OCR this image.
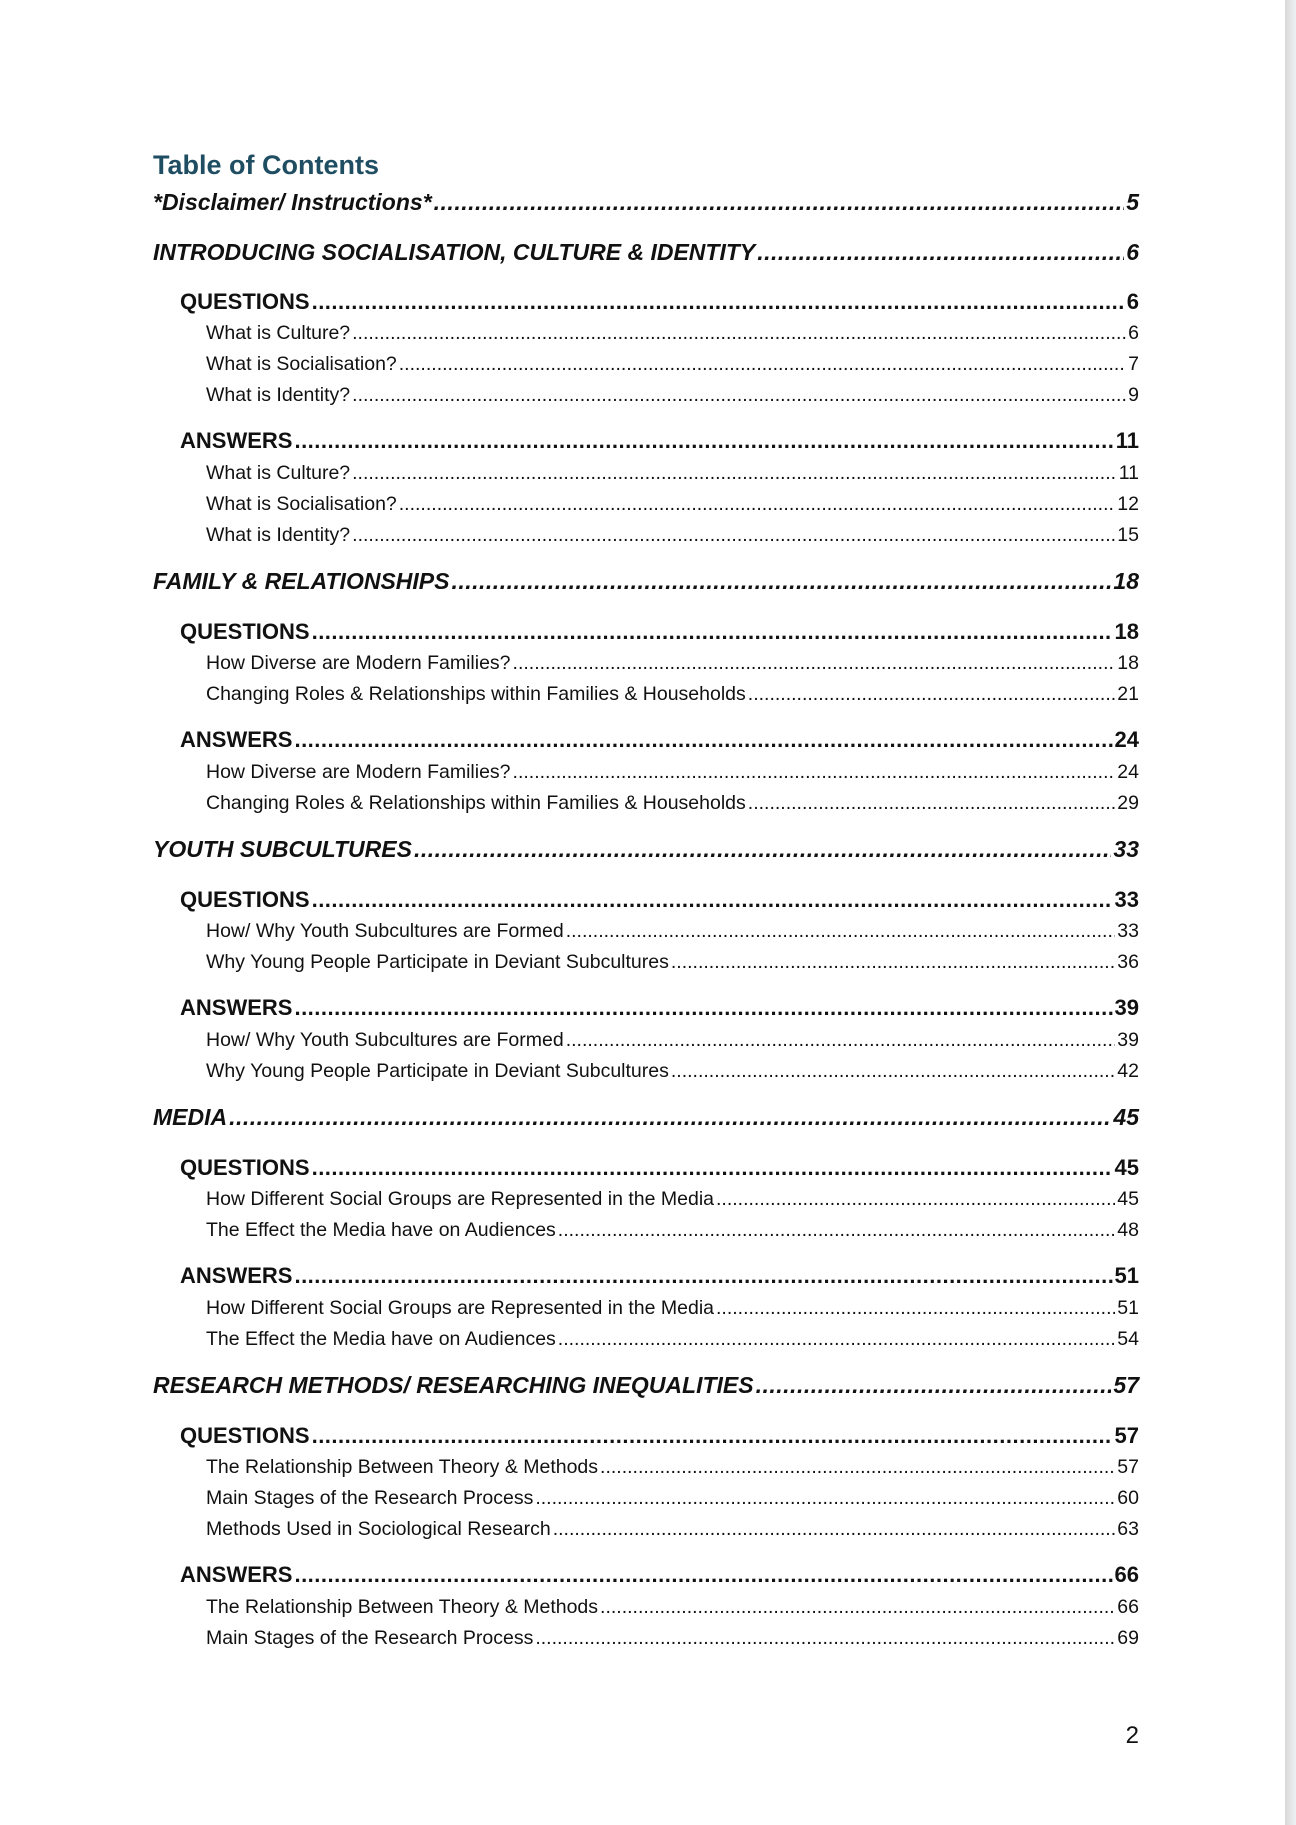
Table of Contents
*Disclaimer/ Instructions* .....	5
INTRODUCING SOCIALISATION, CULTURE & IDENTITY .....	6
QUESTIONS .....	6
What is Culture? .....	6
What is Socialisation? .....	7
What is Identity? .....	9
ANSWERS .....	11
What is Culture? .....	11
What is Socialisation? .....	12
What is Identity? .....	15
FAMILY & RELATIONSHIPS .....	18
QUESTIONS .....	18
How Diverse are Modern Families? .....	18
Changing Roles & Relationships within Families & Households .....	21
ANSWERS .....	24
How Diverse are Modern Families? .....	24
Changing Roles & Relationships within Families & Households .....	29
YOUTH SUBCULTURES .....	33
QUESTIONS .....	33
How/ Why Youth Subcultures are Formed .....	33
Why Young People Participate in Deviant Subcultures .....	36
ANSWERS .....	39
How/ Why Youth Subcultures are Formed .....	39
Why Young People Participate in Deviant Subcultures .....	42
MEDIA .....	45
QUESTIONS .....	45
How Different Social Groups are Represented in the Media .....	45
The Effect the Media have on Audiences .....	48
ANSWERS .....	51
How Different Social Groups are Represented in the Media .....	51
The Effect the Media have on Audiences .....	54
RESEARCH METHODS/ RESEARCHING INEQUALITIES .....	57
QUESTIONS .....	57
The Relationship Between Theory & Methods .....	57
Main Stages of the Research Process .....	60
Methods Used in Sociological Research .....	63
ANSWERS .....	66
The Relationship Between Theory & Methods .....	66
Main Stages of the Research Process .....	69
2
